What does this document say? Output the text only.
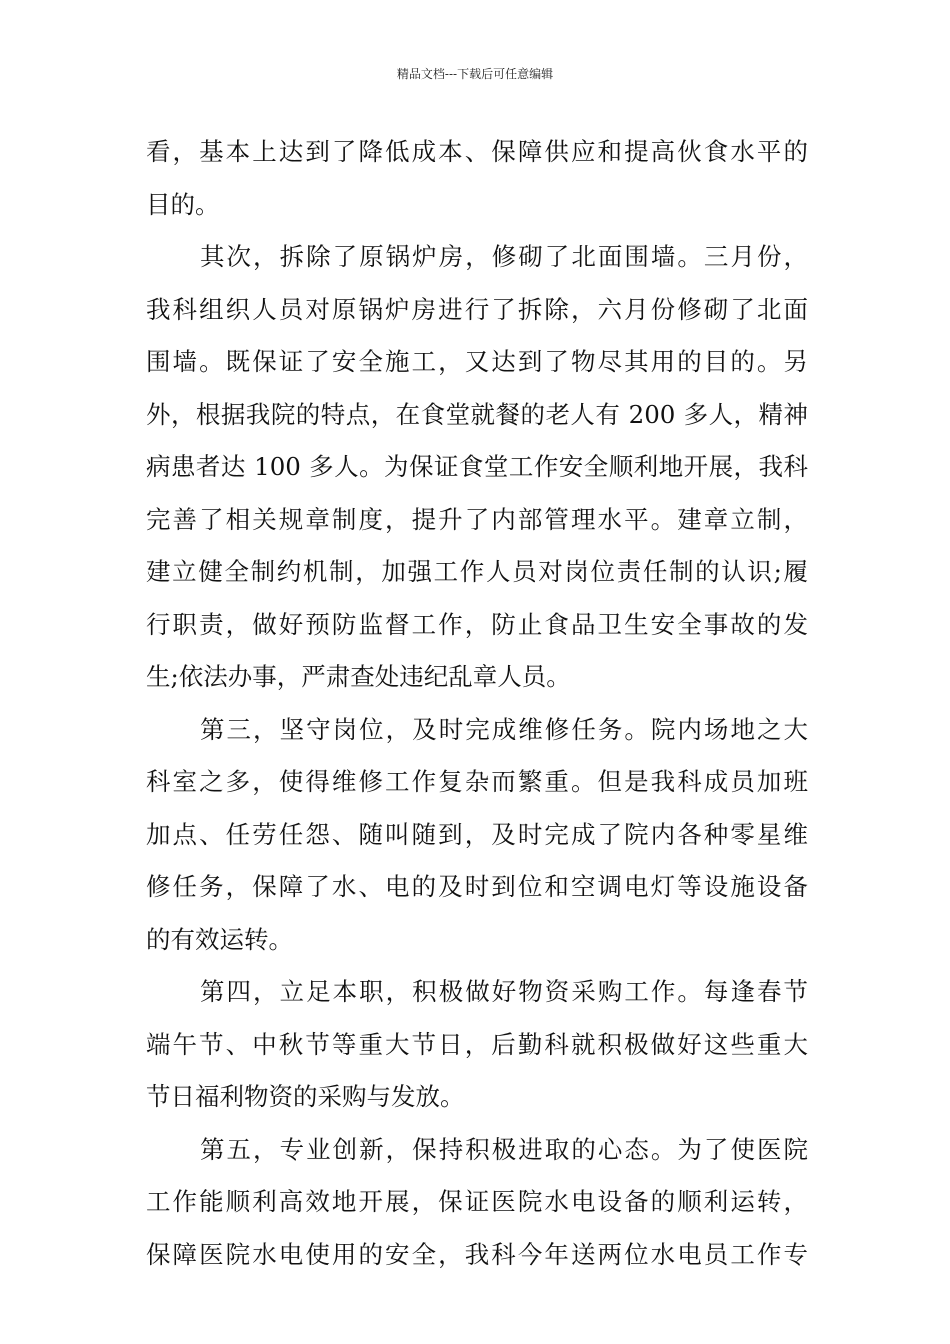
精品文档---下载后可任意编辑
看，基本上达到了降低成本、保障供应和提高伙食水平的
目的。
其次，拆除了原锅炉房，修砌了北面围墙。三月份，
我科组织人员对原锅炉房进行了拆除，六月份修砌了北面
围墙。既保证了安全施工，又达到了物尽其用的目的。另
外，根据我院的特点，在食堂就餐的老人有 200 多人，精神
病患者达 100 多人。为保证食堂工作安全顺利地开展，我科
完善了相关规章制度，提升了内部管理水平。建章立制，
建立健全制约机制，加强工作人员对岗位责任制的认识;履
行职责，做好预防监督工作，防止食品卫生安全事故的发
生;依法办事，严肃查处违纪乱章人员。
第三，坚守岗位，及时完成维修任务。院内场地之大
科室之多，使得维修工作复杂而繁重。但是我科成员加班
加点、任劳任怨、随叫随到，及时完成了院内各种零星维
修任务，保障了水、电的及时到位和空调电灯等设施设备
的有效运转。
第四，立足本职，积极做好物资采购工作。每逢春节
端午节、中秋节等重大节日，后勤科就积极做好这些重大
节日福利物资的采购与发放。
第五，专业创新，保持积极进取的心态。为了使医院
工作能顺利高效地开展，保证医院水电设备的顺利运转，
保障医院水电使用的安全，我科今年送两位水电员工作专
